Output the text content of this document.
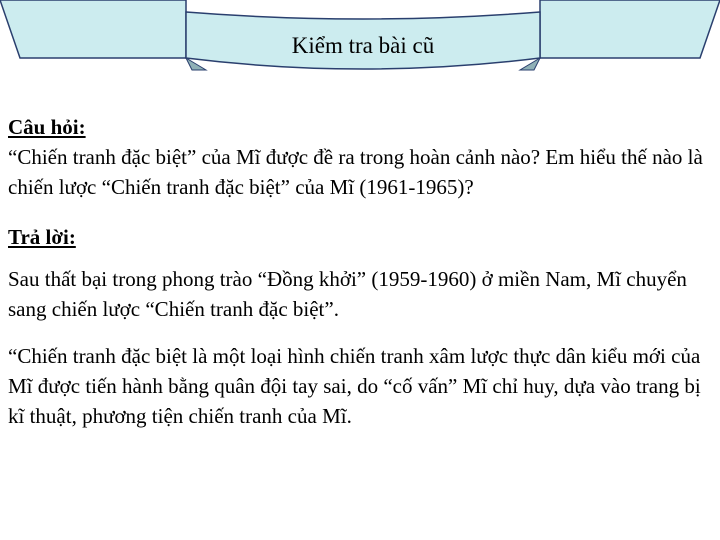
Kiểm tra bài cũ

Câu hỏi:

“Chiến tranh đặc biệt” của Mĩ được đề ra trong hoàn cảnh nào? Em hiểu thế nào là chiến lược “Chiến tranh đặc biệt” của Mĩ (1961-1965)?

Trả lời:

Sau thất bại trong phong trào “Đồng khởi” (1959-1960) ở miền Nam, Mĩ chuyển sang chiến lược “Chiến tranh đặc biệt”.

“Chiến tranh đặc biệt là một loại hình chiến tranh xâm lược thực dân kiểu mới của Mĩ được tiến hành bằng quân đội tay sai, do “cố vấn” Mĩ chỉ huy, dựa vào trang bị kĩ thuật, phương tiện chiến tranh của Mĩ.
